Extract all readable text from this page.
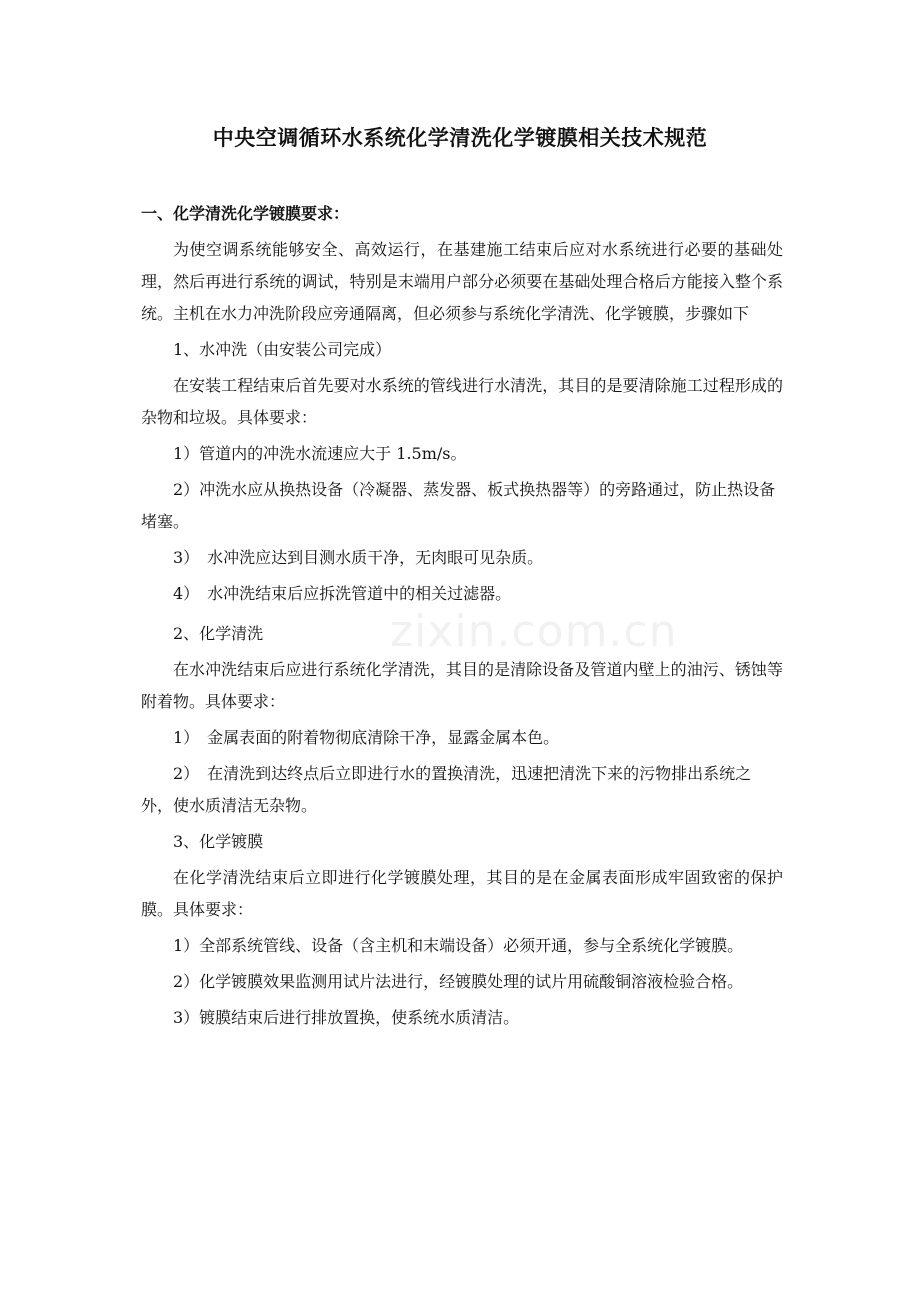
中央空调循环水系统化学清洗化学镀膜相关技术规范
一、化学清洗化学镀膜要求：
为使空调系统能够安全、高效运行，在基建施工结束后应对水系统进行必要的基础处理，然后再进行系统的调试，特别是末端用户部分必须要在基础处理合格后方能接入整个系统。主机在水力冲洗阶段应旁通隔离，但必须参与系统化学清洗、化学镀膜，步骤如下
1、水冲洗（由安装公司完成）
在安装工程结束后首先要对水系统的管线进行水清洗，其目的是要清除施工过程形成的杂物和垃圾。具体要求：
1）管道内的冲洗水流速应大于 1.5m/s。
2）冲洗水应从换热设备（冷凝器、蒸发器、板式换热器等）的旁路通过，防止热设备堵塞。
3）　水冲洗应达到目测水质干净，无肉眼可见杂质。
4）　水冲洗结束后应拆洗管道中的相关过滤器。
2、化学清洗
在水冲洗结束后应进行系统化学清洗，其目的是清除设备及管道内壁上的油污、锈蚀等附着物。具体要求：
1）　金属表面的附着物彻底清除干净，显露金属本色。
2）　在清洗到达终点后立即进行水的置换清洗，迅速把清洗下来的污物排出系统之外，使水质清洁无杂物。
3、化学镀膜
在化学清洗结束后立即进行化学镀膜处理，其目的是在金属表面形成牢固致密的保护膜。具体要求：
1）全部系统管线、设备（含主机和末端设备）必须开通，参与全系统化学镀膜。
2）化学镀膜效果监测用试片法进行，经镀膜处理的试片用硫酸铜溶液检验合格。
3）镀膜结束后进行排放置换，使系统水质清洁。
zixin.com.cn
